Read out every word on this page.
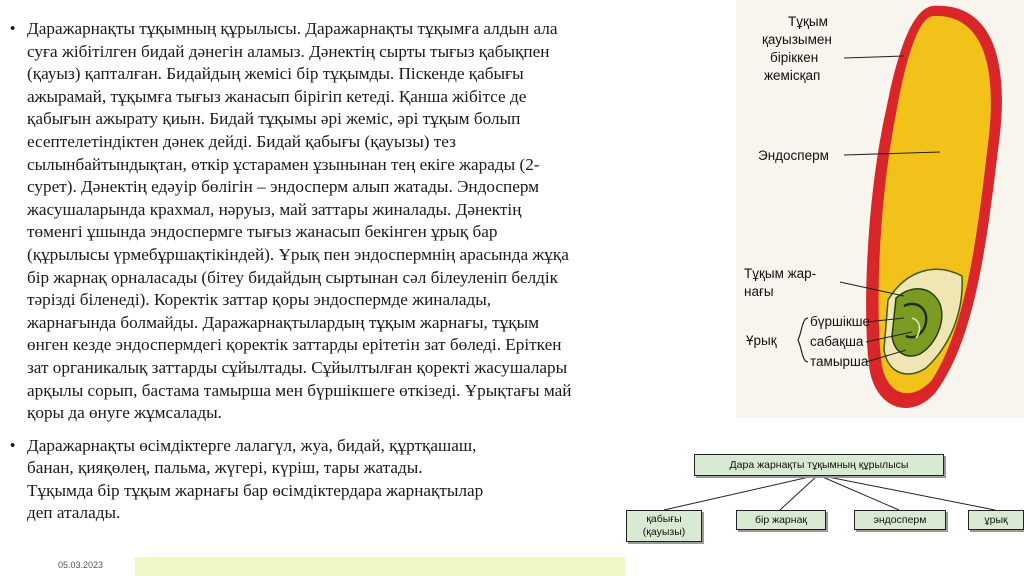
• Даражарнақты тұқымның құрылысы. Даражарнақты тұқымға алдын ала
суға жібітілген бидай дәнегін аламыз. Дәнектің сырты тығыз қабықпен
(қауыз) қапталған. Бидайдың жемісі бір тұқымды. Піскенде қабығы
ажырамай, тұқымға тығыз жанасып бірігіп кетеді. Қанша жібітсе де
қабығын ажырату қиын. Бидай тұқымы әрі жеміс, әрі тұқым болып
есептелетіндіктен дәнек дейді. Бидай қабығы (қауызы) тез
сылынбайтындықтан, өткір ұстарамен ұзынынан тең екіге жарады (2-
сурет). Дәнектің едәуір бөлігін – эндосперм алып жатады. Эндосперм
жасушаларында крахмал, нәруыз, май заттары жиналады. Дәнектің
төменгі ұшында эндоспермге тығыз жанасып бекінген ұрық бар
(құрылысы үрмебұршақтікіндей). Ұрық пен эндоспермнің арасында жұқа
бір жарнақ орналасады (бітеу бидайдың сыртынан сәл білеуленіп белдік
тәрізді біленеді). Коректік заттар қоры эндоспермде жиналады,
жарнағында болмайды. Даражарнақтылардың тұқым жарнағы, тұқым
өнген кезде эндоспермдегі қоректік заттарды ерітетін зат бөледі. Еріткен
зат органикалық заттарды сұйылтады. Сұйылтылған қоректі жасушалары
арқылы сорып, бастама тамырша мен бүршікшеге өткізеді. Ұрықтағы май
қоры да өнуге жұмсалады.

• Даражарнақты өсімдіктерге лалагүл, жуа, бидай, құртқашаш,
банан, қияқөлең, пальма, жүгері, күріш, тары жатады.
Тұқымда бір тұқым жарнағы бар өсімдіктердара жарнақтылар
деп аталады.

Тұқым
қауызымен
біріккен
жемісқап
Эндосперм
Тұқым жар-
нағы
Ұрық
бүршікше
сабақша
тамырша
Дара жарнақты тұқымның құрылысы
қабығы (қауызы)
бір жарнақ	эндосперм	ұрық
05.03.2023
